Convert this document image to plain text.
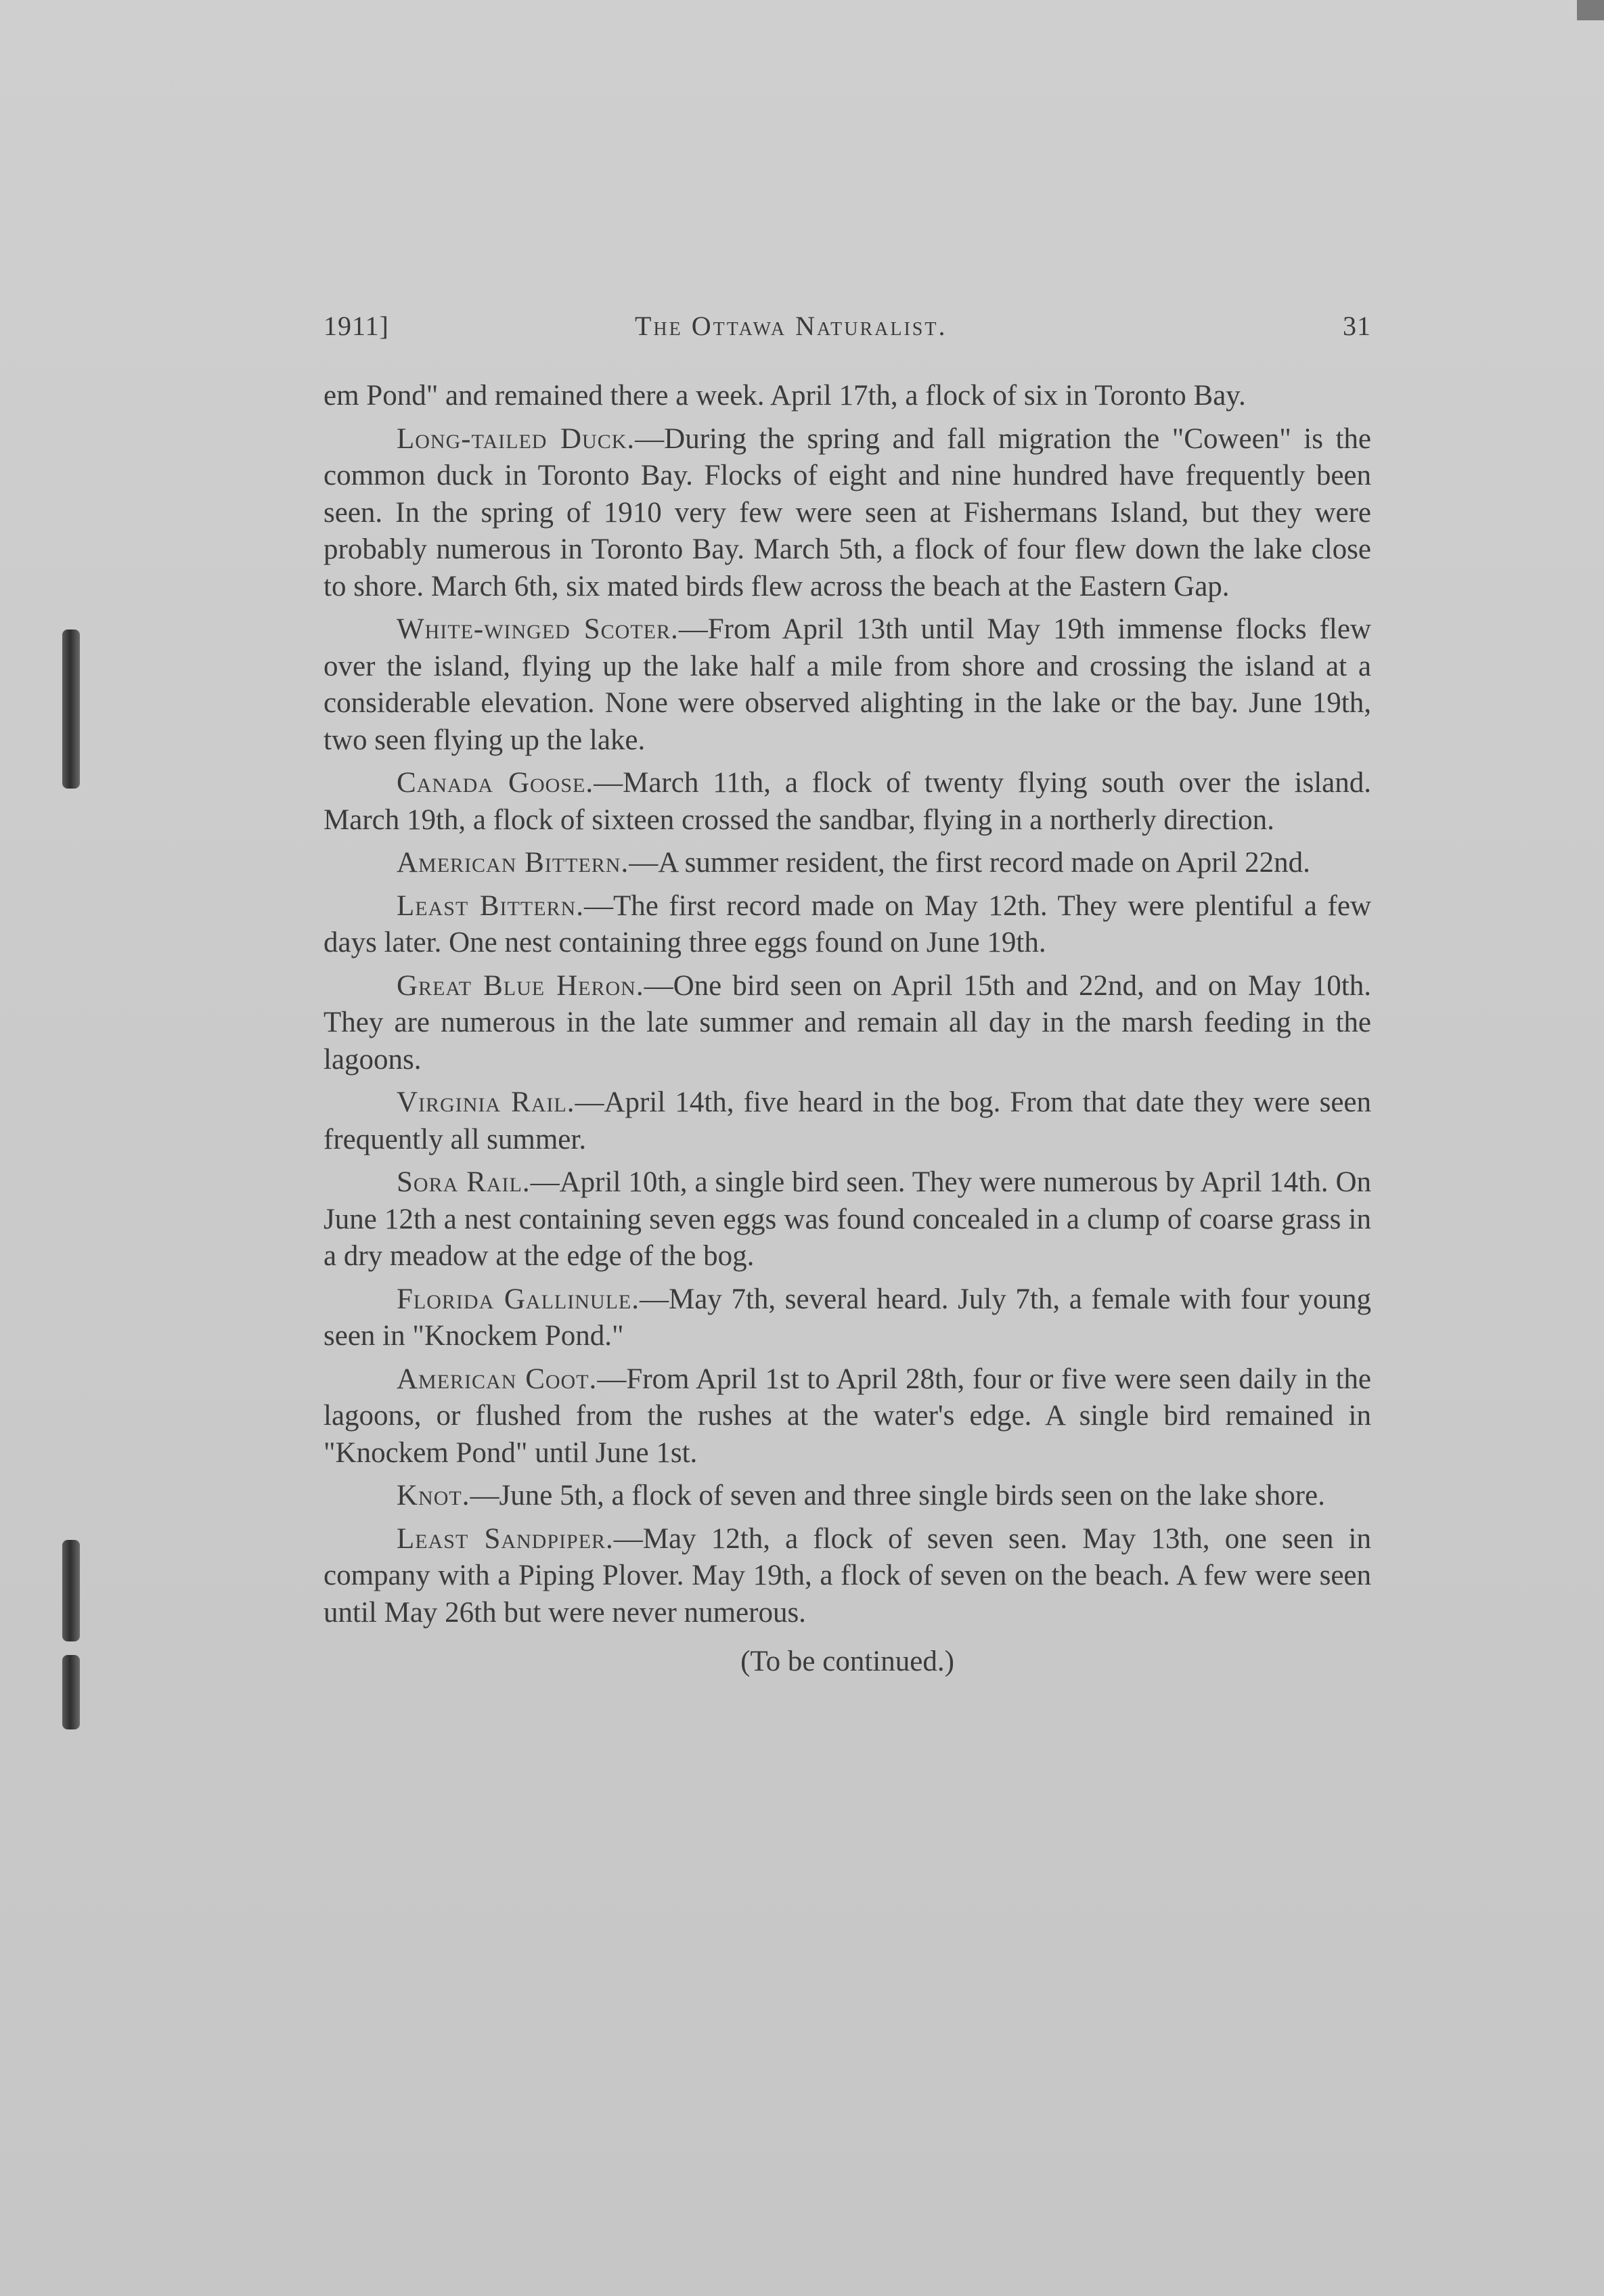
1911]	The Ottawa Naturalist.	31

em Pond" and remained there a week. April 17th, a flock of six in Toronto Bay.

Long-tailed Duck.—During the spring and fall migration the "Coween" is the common duck in Toronto Bay. Flocks of eight and nine hundred have frequently been seen. In the spring of 1910 very few were seen at Fishermans Island, but they were probably numerous in Toronto Bay. March 5th, a flock of four flew down the lake close to shore. March 6th, six mated birds flew across the beach at the Eastern Gap.

White-winged Scoter.—From April 13th until May 19th immense flocks flew over the island, flying up the lake half a mile from shore and crossing the island at a considerable elevation. None were observed alighting in the lake or the bay. June 19th, two seen flying up the lake.

Canada Goose.—March 11th, a flock of twenty flying south over the island. March 19th, a flock of sixteen crossed the sandbar, flying in a northerly direction.

American Bittern.—A summer resident, the first record made on April 22nd.

Least Bittern.—The first record made on May 12th. They were plentiful a few days later. One nest containing three eggs found on June 19th.

Great Blue Heron.—One bird seen on April 15th and 22nd, and on May 10th. They are numerous in the late summer and remain all day in the marsh feeding in the lagoons.

Virginia Rail.—April 14th, five heard in the bog. From that date they were seen frequently all summer.

Sora Rail.—April 10th, a single bird seen. They were numerous by April 14th. On June 12th a nest containing seven eggs was found concealed in a clump of coarse grass in a dry meadow at the edge of the bog.

Florida Gallinule.—May 7th, several heard. July 7th, a female with four young seen in "Knockem Pond."

American Coot.—From April 1st to April 28th, four or five were seen daily in the lagoons, or flushed from the rushes at the water's edge. A single bird remained in "Knockem Pond" until June 1st.

Knot.—June 5th, a flock of seven and three single birds seen on the lake shore.

Least Sandpiper.—May 12th, a flock of seven seen. May 13th, one seen in company with a Piping Plover. May 19th, a flock of seven on the beach. A few were seen until May 26th but were never numerous.

(To be continued.)
